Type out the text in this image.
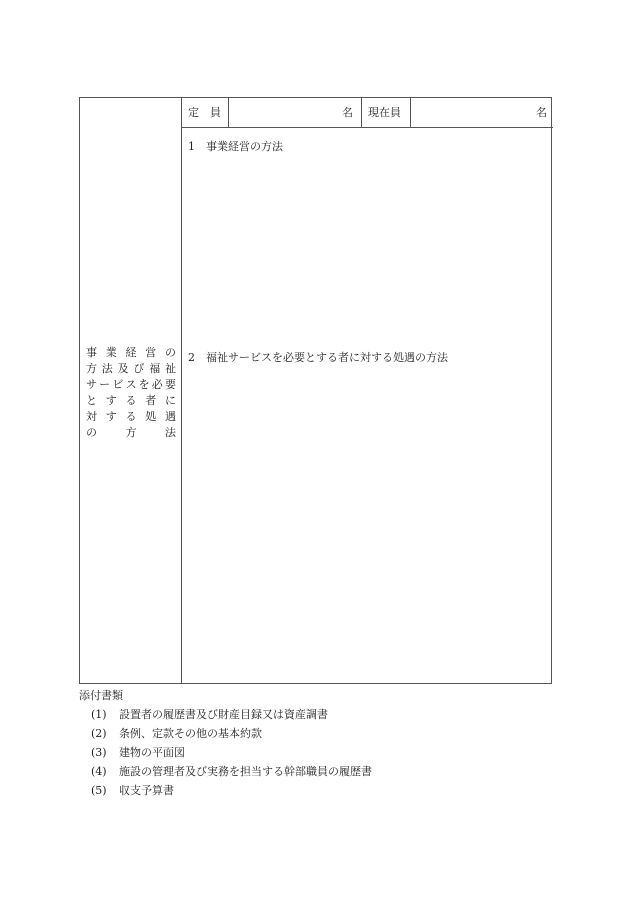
事 業 経 営 の
方 法 及 び 福 祉
サ ー ビ ス を 必 要
と す る 者 に
対 す る 処 遇
の	方	法
定　員	名	現在員	名
1　事業経営の方法
2　福祉サービスを必要とする者に対する処遇の方法
添付書類
(1)	設置者の履歴書及び財産目録又は資産調書
(2)	条例、定款その他の基本約款
(3)	建物の平面図
(4)	施設の管理者及び実務を担当する幹部職員の履歴書
(5)	収支予算書
